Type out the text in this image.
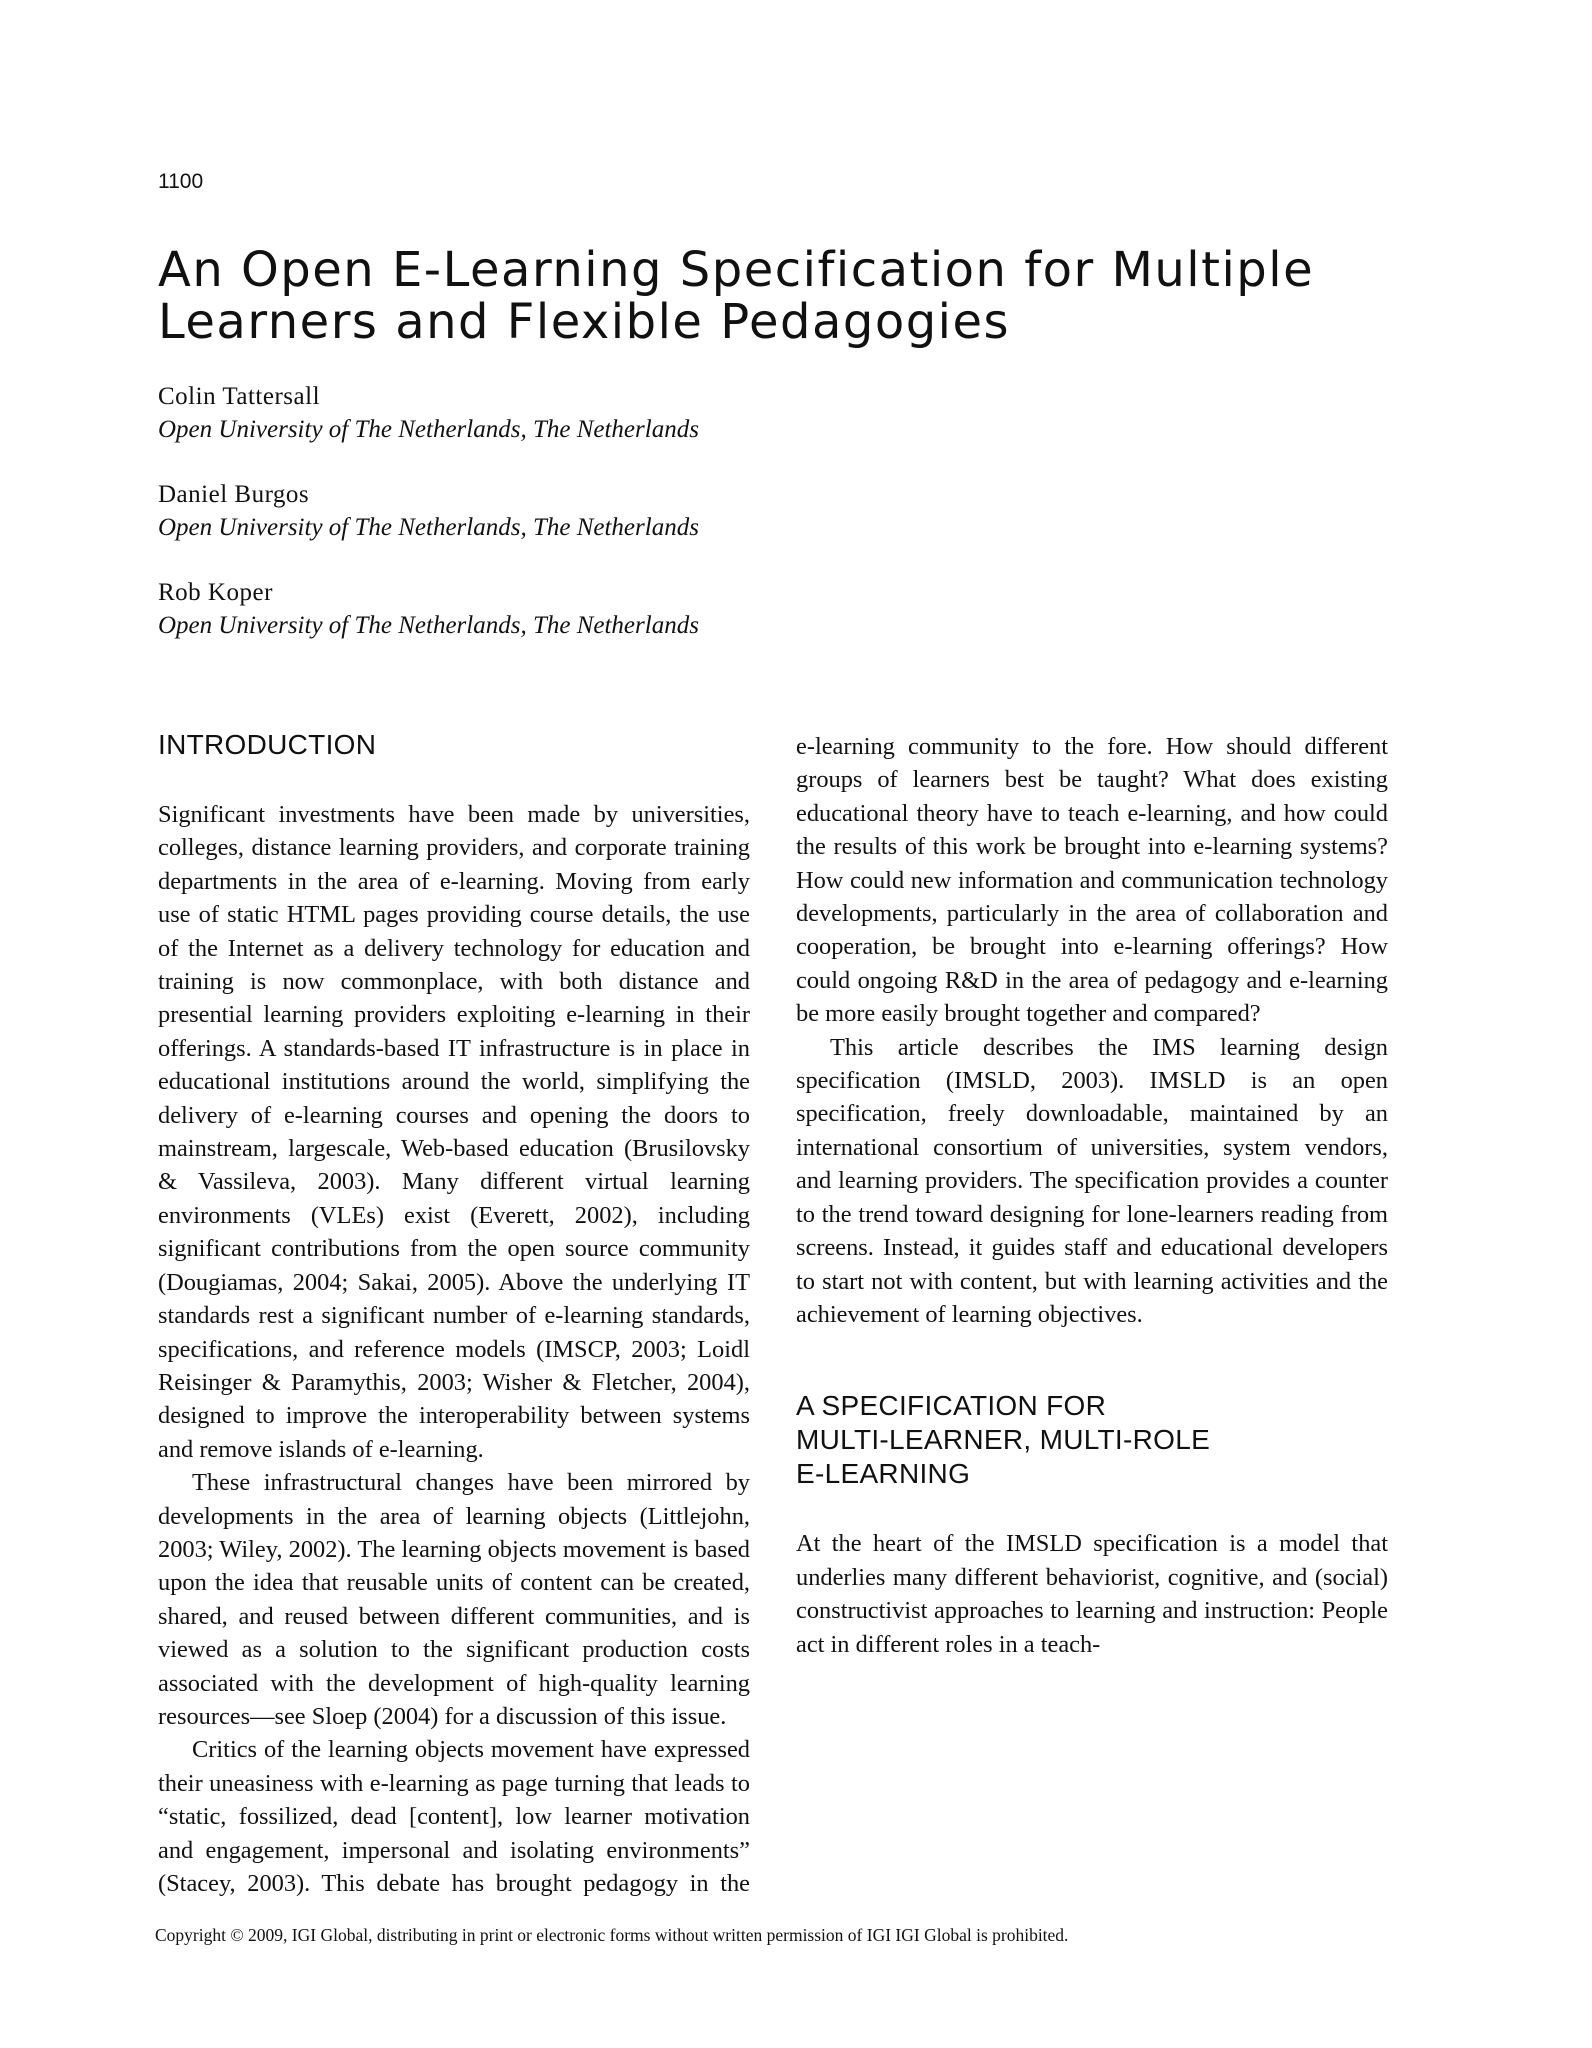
1100
An Open E-Learning Specification for Multiple
Learners and Flexible Pedagogies
Colin Tattersall
Open University of The Netherlands, The Netherlands
Daniel Burgos
Open University of The Netherlands, The Netherlands
Rob Koper
Open University of The Netherlands, The Netherlands
INTRODUCTION

Significant investments have been made by universities, colleges, distance learning providers, and corporate training departments in the area of e-learning. Moving from early use of static HTML pages providing course details, the use of the Internet as a delivery technology for education and training is now commonplace, with both distance and presential learning providers exploiting e-learning in their offerings. A standards-based IT infrastructure is in place in educational institutions around the world, simplifying the delivery of e-learning courses and opening the doors to mainstream, largescale, Web-based education (Brusilovsky & Vassileva, 2003). Many different virtual learning environments (VLEs) exist (Everett, 2002), including significant contributions from the open source community (Dougiamas, 2004; Sakai, 2005). Above the underlying IT standards rest a significant number of e-learning standards, specifications, and reference models (IMSCP, 2003; Loidl Reisinger & Paramythis, 2003; Wisher & Fletcher, 2004), designed to improve the interoperability between systems and remove islands of e-learning.

These infrastructural changes have been mirrored by developments in the area of learning objects (Littlejohn, 2003; Wiley, 2002). The learning objects movement is based upon the idea that reusable units of content can be created, shared, and reused between different communities, and is viewed as a solution to the significant production costs associated with the development of high-quality learning resources—see Sloep (2004) for a discussion of this issue.

Critics of the learning objects movement have expressed their uneasiness with e-learning as page turning that leads to “static, fossilized, dead [content], low learner motivation and engagement, impersonal and isolating environments” (Stacey, 2003). This debate has brought pedagogy in the

e-learning community to the fore. How should different groups of learners best be taught? What does existing educational theory have to teach e-learning, and how could the results of this work be brought into e-learning systems? How could new information and communication technology developments, particularly in the area of collaboration and cooperation, be brought into e-learning offerings? How could ongoing R&D in the area of pedagogy and e-learning be more easily brought together and compared?

This article describes the IMS learning design specification (IMSLD, 2003). IMSLD is an open specification, freely downloadable, maintained by an international consortium of universities, system vendors, and learning providers. The specification provides a counter to the trend toward designing for lone-learners reading from screens. Instead, it guides staff and educational developers to start not with content, but with learning activities and the achievement of learning objectives.

A SPECIFICATION FOR
MULTI-LEARNER, MULTI-ROLE
E-LEARNING

At the heart of the IMSLD specification is a model that underlies many different behaviorist, cognitive, and (social) constructivist approaches to learning and instruction: People act in different roles in a teach-

Copyright © 2009, IGI Global, distributing in print or electronic forms without written permission of IGI IGI Global is prohibited.
